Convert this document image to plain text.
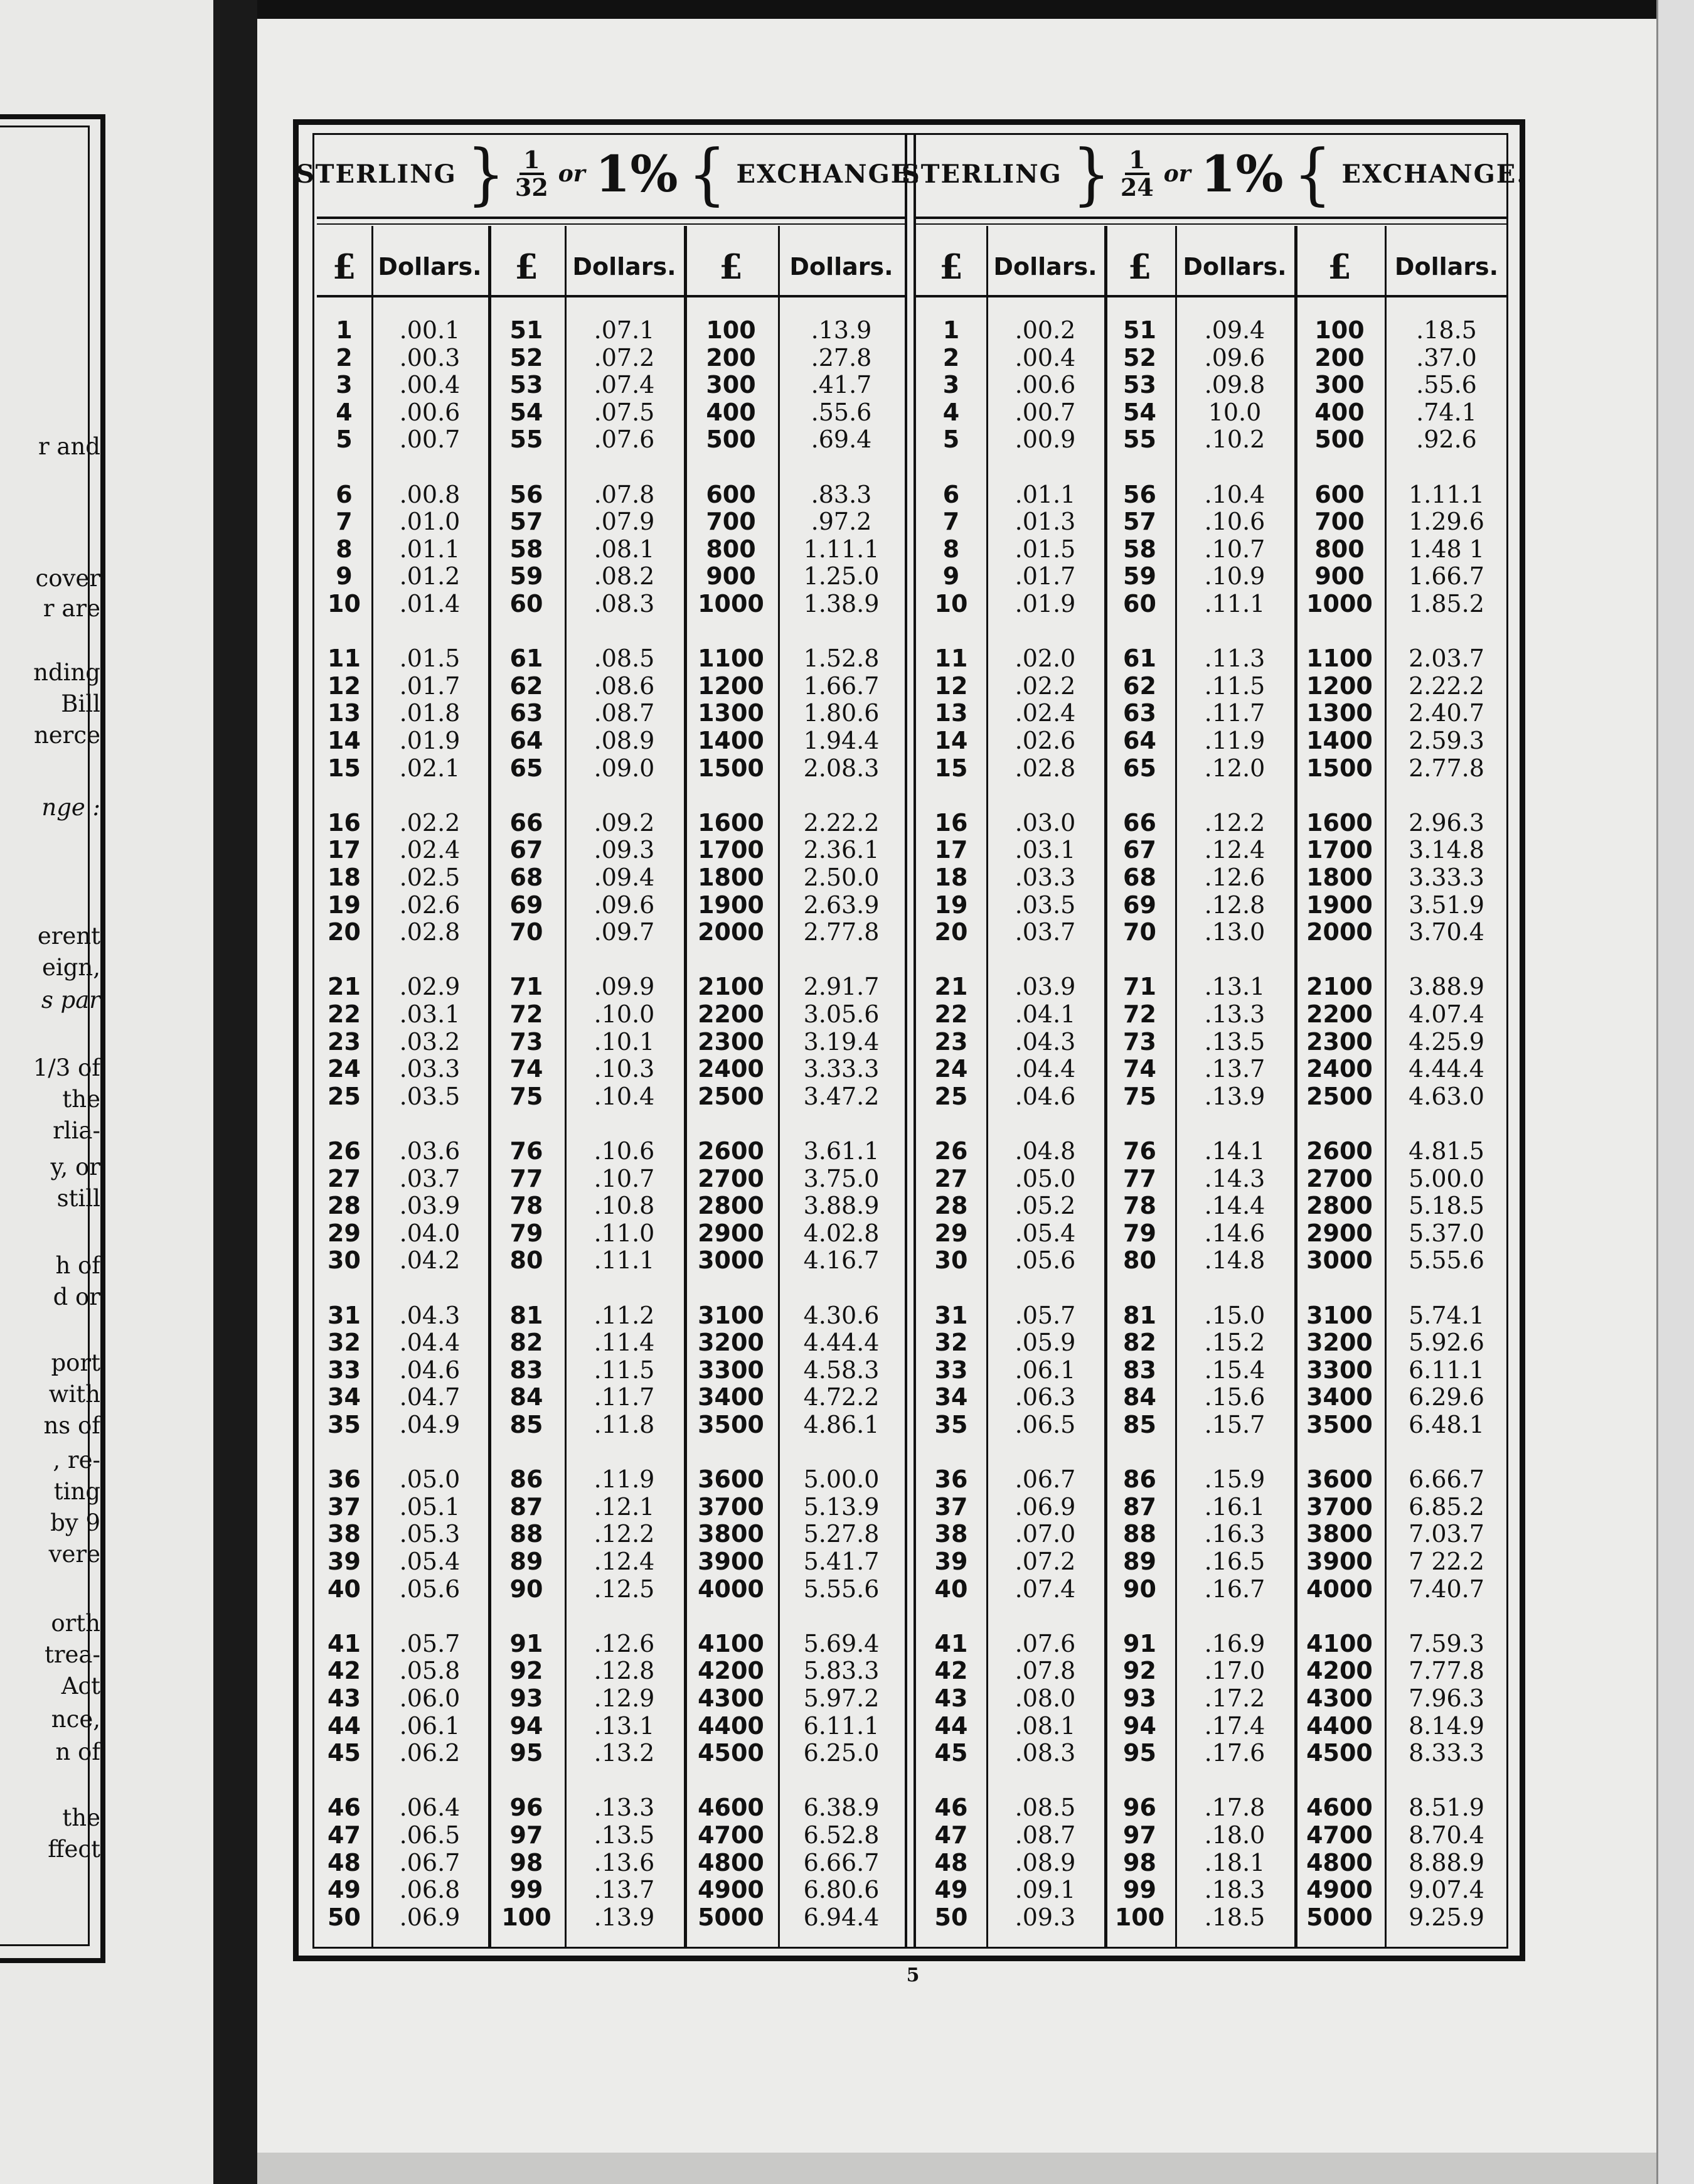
r and
cover
r are
nding
Bill
nerce
nge :
erent
eign,
s par
1/3 of
the
rlia-
y, or
still
h of
d or
port
with
ns of
, re-
ting
by 9
vere
orth
trea-
Act
nce,
n of
the
ffect
STERLING } $\frac{1}{32}$ or 1% { EXCHANGE.
STERLING } $\frac{1}{24}$ or 1% { EXCHANGE.
£ Dollars. £	Dollars.	£	Dollars.
1	.00.1	51	.07.1	100	.13.9
2	.00.3	52	.07.2	200	.27.8
3	.00.4	53	.07.4	300	.41.7
4	.00.6	54	.07.5	400	.55.6
5	.00.7	55	.07.6	500	.69.4
6	.00.8	56	.07.8	600	.83.3
7	.01.0	57	.07.9	700	.97.2
8	.01.1	58	.08.1	800	1.11.1
9	.01.2	59	.08.2	900	1.25.0
10	.01.4	60	.08.3	1000	1.38.9
11	.01.5	61	.08.5	1100	1.52.8
12	.01.7	62	.08.6	1200	1.66.7
13	.01.8	63	.08.7	1300	1.80.6
14	.01.9	64	.08.9	1400	1.94.4
15	.02.1	65	.09.0	1500	2.08.3
16	.02.2	66	.09.2	1600	2.22.2
17	.02.4	67	.09.3	1700	2.36.1
18	.02.5	68	.09.4	1800	2.50.0
19	.02.6	69	.09.6	1900	2.63.9
20	.02.8	70	.09.7	2000	2.77.8
21	.02.9	71	.09.9	2100	2.91.7
22	.03.1	72	.10.0	2200	3.05.6
23	.03.2	73	.10.1	2300	3.19.4
24	.03.3	74	.10.3	2400	3.33.3
25	.03.5	75	.10.4	2500	3.47.2
26	.03.6	76	.10.6	2600	3.61.1
27	.03.7	77	.10.7	2700	3.75.0
28	.03.9	78	.10.8	2800	3.88.9
29	.04.0	79	.11.0	2900	4.02.8
30	.04.2	80	.11.1	3000	4.16.7
31	.04.3	81	.11.2	3100	4.30.6
32	.04.4	82	.11.4	3200	4.44.4
33	.04.6	83	.11.5	3300	4.58.3
34	.04.7	84	.11.7	3400	4.72.2
35	.04.9	85	.11.8	3500	4.86.1
36	.05.0	86	.11.9	3600	5.00.0
37	.05.1	87	.12.1	3700	5.13.9
38	.05.3	88	.12.2	3800	5.27.8
39	.05.4	89	.12.4	3900	5.41.7
40	.05.6	90	.12.5	4000	5.55.6
41	.05.7	91	.12.6	4100	5.69.4
42	.05.8	92	.12.8	4200	5.83.3
43	.06.0	93	.12.9	4300	5.97.2
44	.06.1	94	.13.1	4400	6.11.1
45	.06.2	95	.13.2	4500	6.25.0
46	.06.4	96	.13.3	4600	6.38.9
47	.06.5	97	.13.5	4700	6.52.8
48	.06.7	98	.13.6	4800	6.66.7
49	.06.8	99	.13.7	4900	6.80.6
50	.06.9	100	.13.9	5000	6.94.4
£	Dollars. £	Dollars.	£	Dollars.
1	.00.2	51	.09.4	100	.18.5
2	.00.4	52	.09.6	200	.37.0
3	.00.6	53	.09.8	300	.55.6
4	.00.7	54	10.0	400	.74.1
5	.00.9	55	.10.2	500	.92.6
6	.01.1	56	.10.4	600	1.11.1
7	.01.3	57	.10.6	700	1.29.6
8	.01.5	58	.10.7	800	1.48 1
9	.01.7	59	.10.9	900	1.66.7
10	.01.9	60	.11.1	1000	1.85.2
11	.02.0	61	.11.3	1100	2.03.7
12	.02.2	62	.11.5	1200	2.22.2
13	.02.4	63	.11.7	1300	2.40.7
14	.02.6	64	.11.9	1400	2.59.3
15	.02.8	65	.12.0	1500	2.77.8
16	.03.0	66	.12.2	1600	2.96.3
17	.03.1	67	.12.4	1700	3.14.8
18	.03.3	68	.12.6	1800	3.33.3
19	.03.5	69	.12.8	1900	3.51.9
20	.03.7	70	.13.0	2000	3.70.4
21	.03.9	71	.13.1	2100	3.88.9
22	.04.1	72	.13.3	2200	4.07.4
23	.04.3	73	.13.5	2300	4.25.9
24	.04.4	74	.13.7	2400	4.44.4
25	.04.6	75	.13.9	2500	4.63.0
26	.04.8	76	.14.1	2600	4.81.5
27	.05.0	77	.14.3	2700	5.00.0
28	.05.2	78	.14.4	2800	5.18.5
29	.05.4	79	.14.6	2900	5.37.0
30	.05.6	80	.14.8	3000	5.55.6
31	.05.7	81	.15.0	3100	5.74.1
32	.05.9	82	.15.2	3200	5.92.6
33	.06.1	83	.15.4	3300	6.11.1
34	.06.3	84	.15.6	3400	6.29.6
35	.06.5	85	.15.7	3500	6.48.1
36	.06.7	86	.15.9	3600	6.66.7
37	.06.9	87	.16.1	3700	6.85.2
38	.07.0	88	.16.3	3800	7.03.7
39	.07.2	89	.16.5	3900	7 22.2
40	.07.4	90	.16.7	4000	7.40.7
41	.07.6	91	.16.9	4100	7.59.3
42	.07.8	92	.17.0	4200	7.77.8
43	.08.0	93	.17.2	4300	7.96.3
44	.08.1	94	.17.4	4400	8.14.9
45	.08.3	95	.17.6	4500	8.33.3
46	.08.5	96	.17.8	4600	8.51.9
47	.08.7	97	.18.0	4700	8.70.4
48	.08.9	98	.18.1	4800	8.88.9
49	.09.1	99	.18.3	4900	9.07.4
50	.09.3	100	.18.5	5000	9.25.9
5
